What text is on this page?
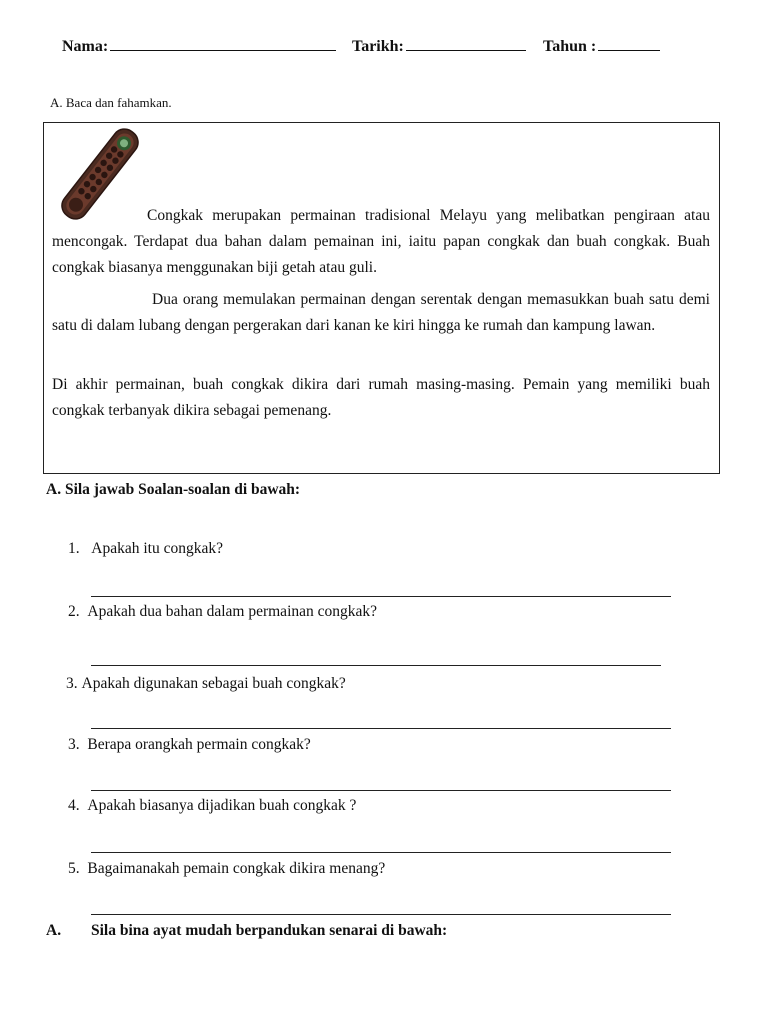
Nama:	Tarikh:	Tahun :
A. Baca dan fahamkan.

Congkak merupakan permainan tradisional Melayu yang melibatkan pengiraan atau mencongak. Terdapat dua bahan dalam pemainan ini, iaitu papan congkak dan buah congkak. Buah congkak biasanya menggunakan biji getah atau guli.

Dua orang memulakan permainan dengan serentak dengan memasukkan buah satu demi satu di dalam lubang dengan pergerakan dari kanan ke kiri hingga ke rumah dan kampung lawan.

Di akhir permainan, buah congkak dikira dari rumah masing-masing. Pemain yang memiliki buah congkak terbanyak dikira sebagai pemenang.

A. Sila jawab Soalan-soalan di bawah:
1. Apakah itu congkak?
2. Apakah dua bahan dalam permainan congkak?
3. Apakah digunakan sebagai buah congkak?
3. Berapa orangkah permain congkak?
4. Apakah biasanya dijadikan buah congkak ?
5. Bagaimanakah pemain congkak dikira menang?
A. Sila bina ayat mudah berpandukan senarai di bawah:
